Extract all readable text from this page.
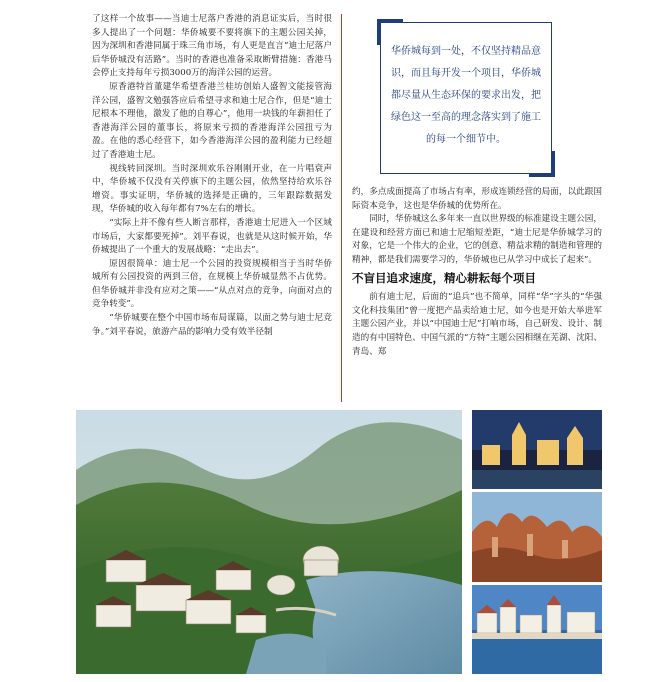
了这样一个故事——当迪士尼落户香港的消息证实后，当时很多人提出了一个问题：华侨城要不要将旗下的主题公园关掉，因为深圳和香港同属于珠三角市场，有人更是直言“迪士尼落户后华侨城没有活路”。当时的香港也准备采取断臂措施：香港马会停止支持每年亏损3000万的海洋公园的运营。

原香港特首董建华希望香港兰桂坊创始人盛智文能接管海洋公园，盛智文勉强答应后希望寻求和迪士尼合作，但是“迪士尼根本不理他，激发了他的自尊心”，他用一块钱的年薪担任了香港海洋公园的董事长，将原来亏损的香港海洋公园扭亏为盈。在他的悉心经营下，如今香港海洋公园的盈利能力已经超过了香港迪士尼。

视线转回深圳。当时深圳欢乐谷刚刚开业，在一片唱衰声中，华侨城不仅没有关停旗下的主题公园，依然坚持给欢乐谷增资。事实证明，华侨城的选择是正确的，三年跟踪数据发现，华侨城的收入每年都有7%左右的增长。

“实际上并不像有些人断言那样，香港迪士尼进入一个区域市场后，大家都要死掉”。刘平春说，也就是从这时候开始，华侨城提出了一个重大的发展战略：“走出去”。

原因很简单：迪士尼一个公园的投资规模相当于当时华侨城所有公园投资的两到三倍，在规模上华侨城显然不占优势。但华侨城并非没有应对之策——“从点对点的竞争，向面对点的竞争转变”。

“华侨城要在整个中国市场布局谋篇，以面之势与迪士尼竞争。”刘平春说，旅游产品的影响力受有效半径制

华侨城每到一处，不仅坚持精品意识，而且每开发一个项目，华侨城都尽量从生态环保的要求出发，把绿色这一至高的理念落实到了施工的每一个细节中。

约，多点成面提高了市场占有率，形成连锁经营的局面，以此跟国际资本竞争，这也是华侨城的优势所在。

同时，华侨城这么多年来一直以世界级的标准建设主题公园，在建设和经营方面已和迪士尼缩短差距，“迪士尼是华侨城学习的对象，它是一个伟大的企业，它的创意、精益求精的制造和管理的精神，都是我们需要学习的，华侨城也已从学习中成长了起来”。

不盲目追求速度，精心耕耘每个项目

前有迪士尼，后面的“追兵”也不简单，同样“华”字头的“华强文化科技集团”曾一度把产品卖给迪士尼，如今也是开始大举进军主题公园产业，并以“中国迪士尼”打响市场，自己研发、设计、制造的有中国特色、中国气派的“方特”主题公园相继在芜湖、沈阳、青岛、郑
